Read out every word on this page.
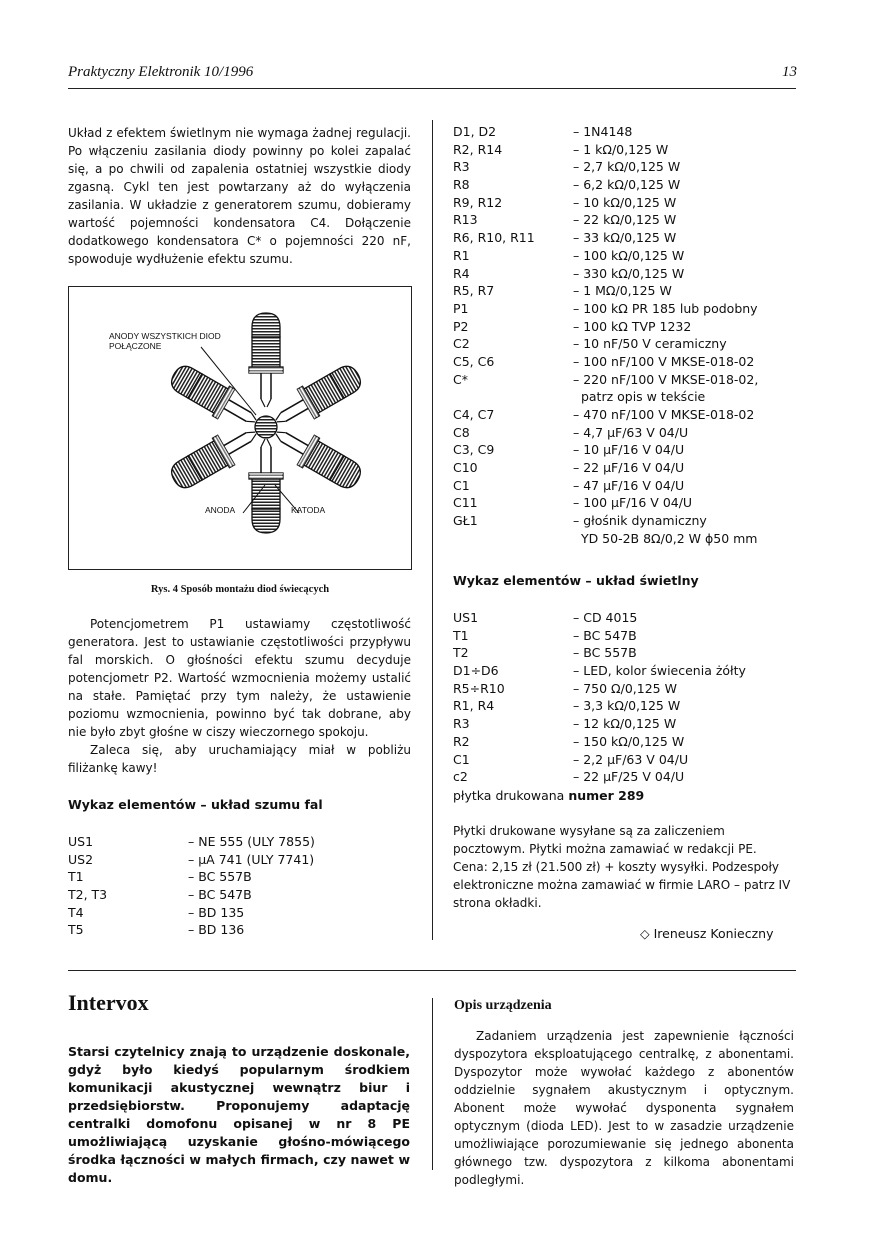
Praktyczny Elektronik 10/1996	13

Układ z efektem świetlnym nie wymaga żadnej regulacji. Po włączeniu zasilania diody powinny po kolei zapalać się, a po chwili od zapalenia ostatniej wszystkie diody zgasną. Cykl ten jest powtarzany aż do wyłączenia zasilania. W układzie z generatorem szumu, dobieramy wartość pojemności kondensatora C4. Dołączenie dodatkowego kondensatora C* o pojemności 220 nF, spowoduje wydłużenie efektu szumu.

ANODY WSZYSTKICH DIOD POŁĄCZONE
ANODA	KATODA
Rys. 4 Sposób montażu diod świecących

Potencjometrem P1 ustawiamy częstotliwość generatora. Jest to ustawianie częstotliwości przypływu fal morskich. O głośności efektu szumu decyduje potencjometr P2. Wartość wzmocnienia możemy ustalić na stałe. Pamiętać przy tym należy, że ustawienie poziomu wzmocnienia, powinno być tak dobrane, aby nie było zbyt głośne w ciszy wieczornego spokoju.

Zaleca się, aby uruchamiający miał w pobliżu filiżankę kawy!

Wykaz elementów – układ szumu fal
US1	– NE 555 (ULY 7855)
US2	– µA 741 (ULY 7741)
T1	– BC 557B
T2, T3	– BC 547B
T4	– BD 135
T5	– BD 136
D1, D2	– 1N4148
R2, R14	– 1 kΩ/0,125 W
R3	– 2,7 kΩ/0,125 W
R8	– 6,2 kΩ/0,125 W
R9, R12	– 10 kΩ/0,125 W
R13	– 22 kΩ/0,125 W
R6, R10, R11	– 33 kΩ/0,125 W
R1	– 100 kΩ/0,125 W
R4	– 330 kΩ/0,125 W
R5, R7	– 1 MΩ/0,125 W
P1	– 100 kΩ PR 185 lub podobny
P2	– 100 kΩ TVP 1232
C2	– 10 nF/50 V ceramiczny
C5, C6	– 100 nF/100 V MKSE-018-02
C*	– 220 nF/100 V MKSE-018-02,
	patrz opis w tekście
C4, C7	– 470 nF/100 V MKSE-018-02
C8	– 4,7 µF/63 V 04/U
C3, C9	– 10 µF/16 V 04/U
C10	– 22 µF/16 V 04/U
C1	– 47 µF/16 V 04/U
C11	– 100 µF/16 V 04/U
GŁ1	– głośnik dynamiczny
	YD 50-2B 8Ω/0,2 W ϕ50 mm
Wykaz elementów – układ świetlny
US1	– CD 4015
T1	– BC 547B
T2	– BC 557B
D1÷D6	– LED, kolor świecenia żółty
R5÷R10	– 750 Ω/0,125 W
R1, R4	– 3,3 kΩ/0,125 W
R3	– 12 kΩ/0,125 W
R2	– 150 kΩ/0,125 W
C1	– 2,2 µF/63 V 04/U
c2	– 22 µF/25 V 04/U
płytka drukowana numer 289

Płytki drukowane wysyłane są za zaliczeniem pocztowym. Płytki można zamawiać w redakcji PE. Cena: 2,15 zł (21.500 zł) + koszty wysyłki. Podzespoły elektroniczne można zamawiać w firmie LARO – patrz IV strona okładki.

◇ Ireneusz Konieczny
Intervox
Starsi czytelnicy znają to urządzenie doskonale, gdyż było kiedyś popularnym środkiem komunikacji akustycznej wewnątrz biur i przedsiębiorstw. Proponujemy adaptację centralki domofonu opisanej w nr 8 PE umożliwiającą uzyskanie głośno-mówiącego środka łączności w małych firmach, czy nawet w domu.
Opis urządzenia

Zadaniem urządzenia jest zapewnienie łączności dyspozytora eksploatującego centralkę, z abonentami. Dyspozytor może wywołać każdego z abonentów oddzielnie sygnałem akustycznym i optycznym. Abonent może wywołać dysponenta sygnałem optycznym (dioda LED). Jest to w zasadzie urządzenie umożliwiające porozumiewanie się jednego abonenta głównego tzw. dyspozytora z kilkoma abonentami podległymi.
